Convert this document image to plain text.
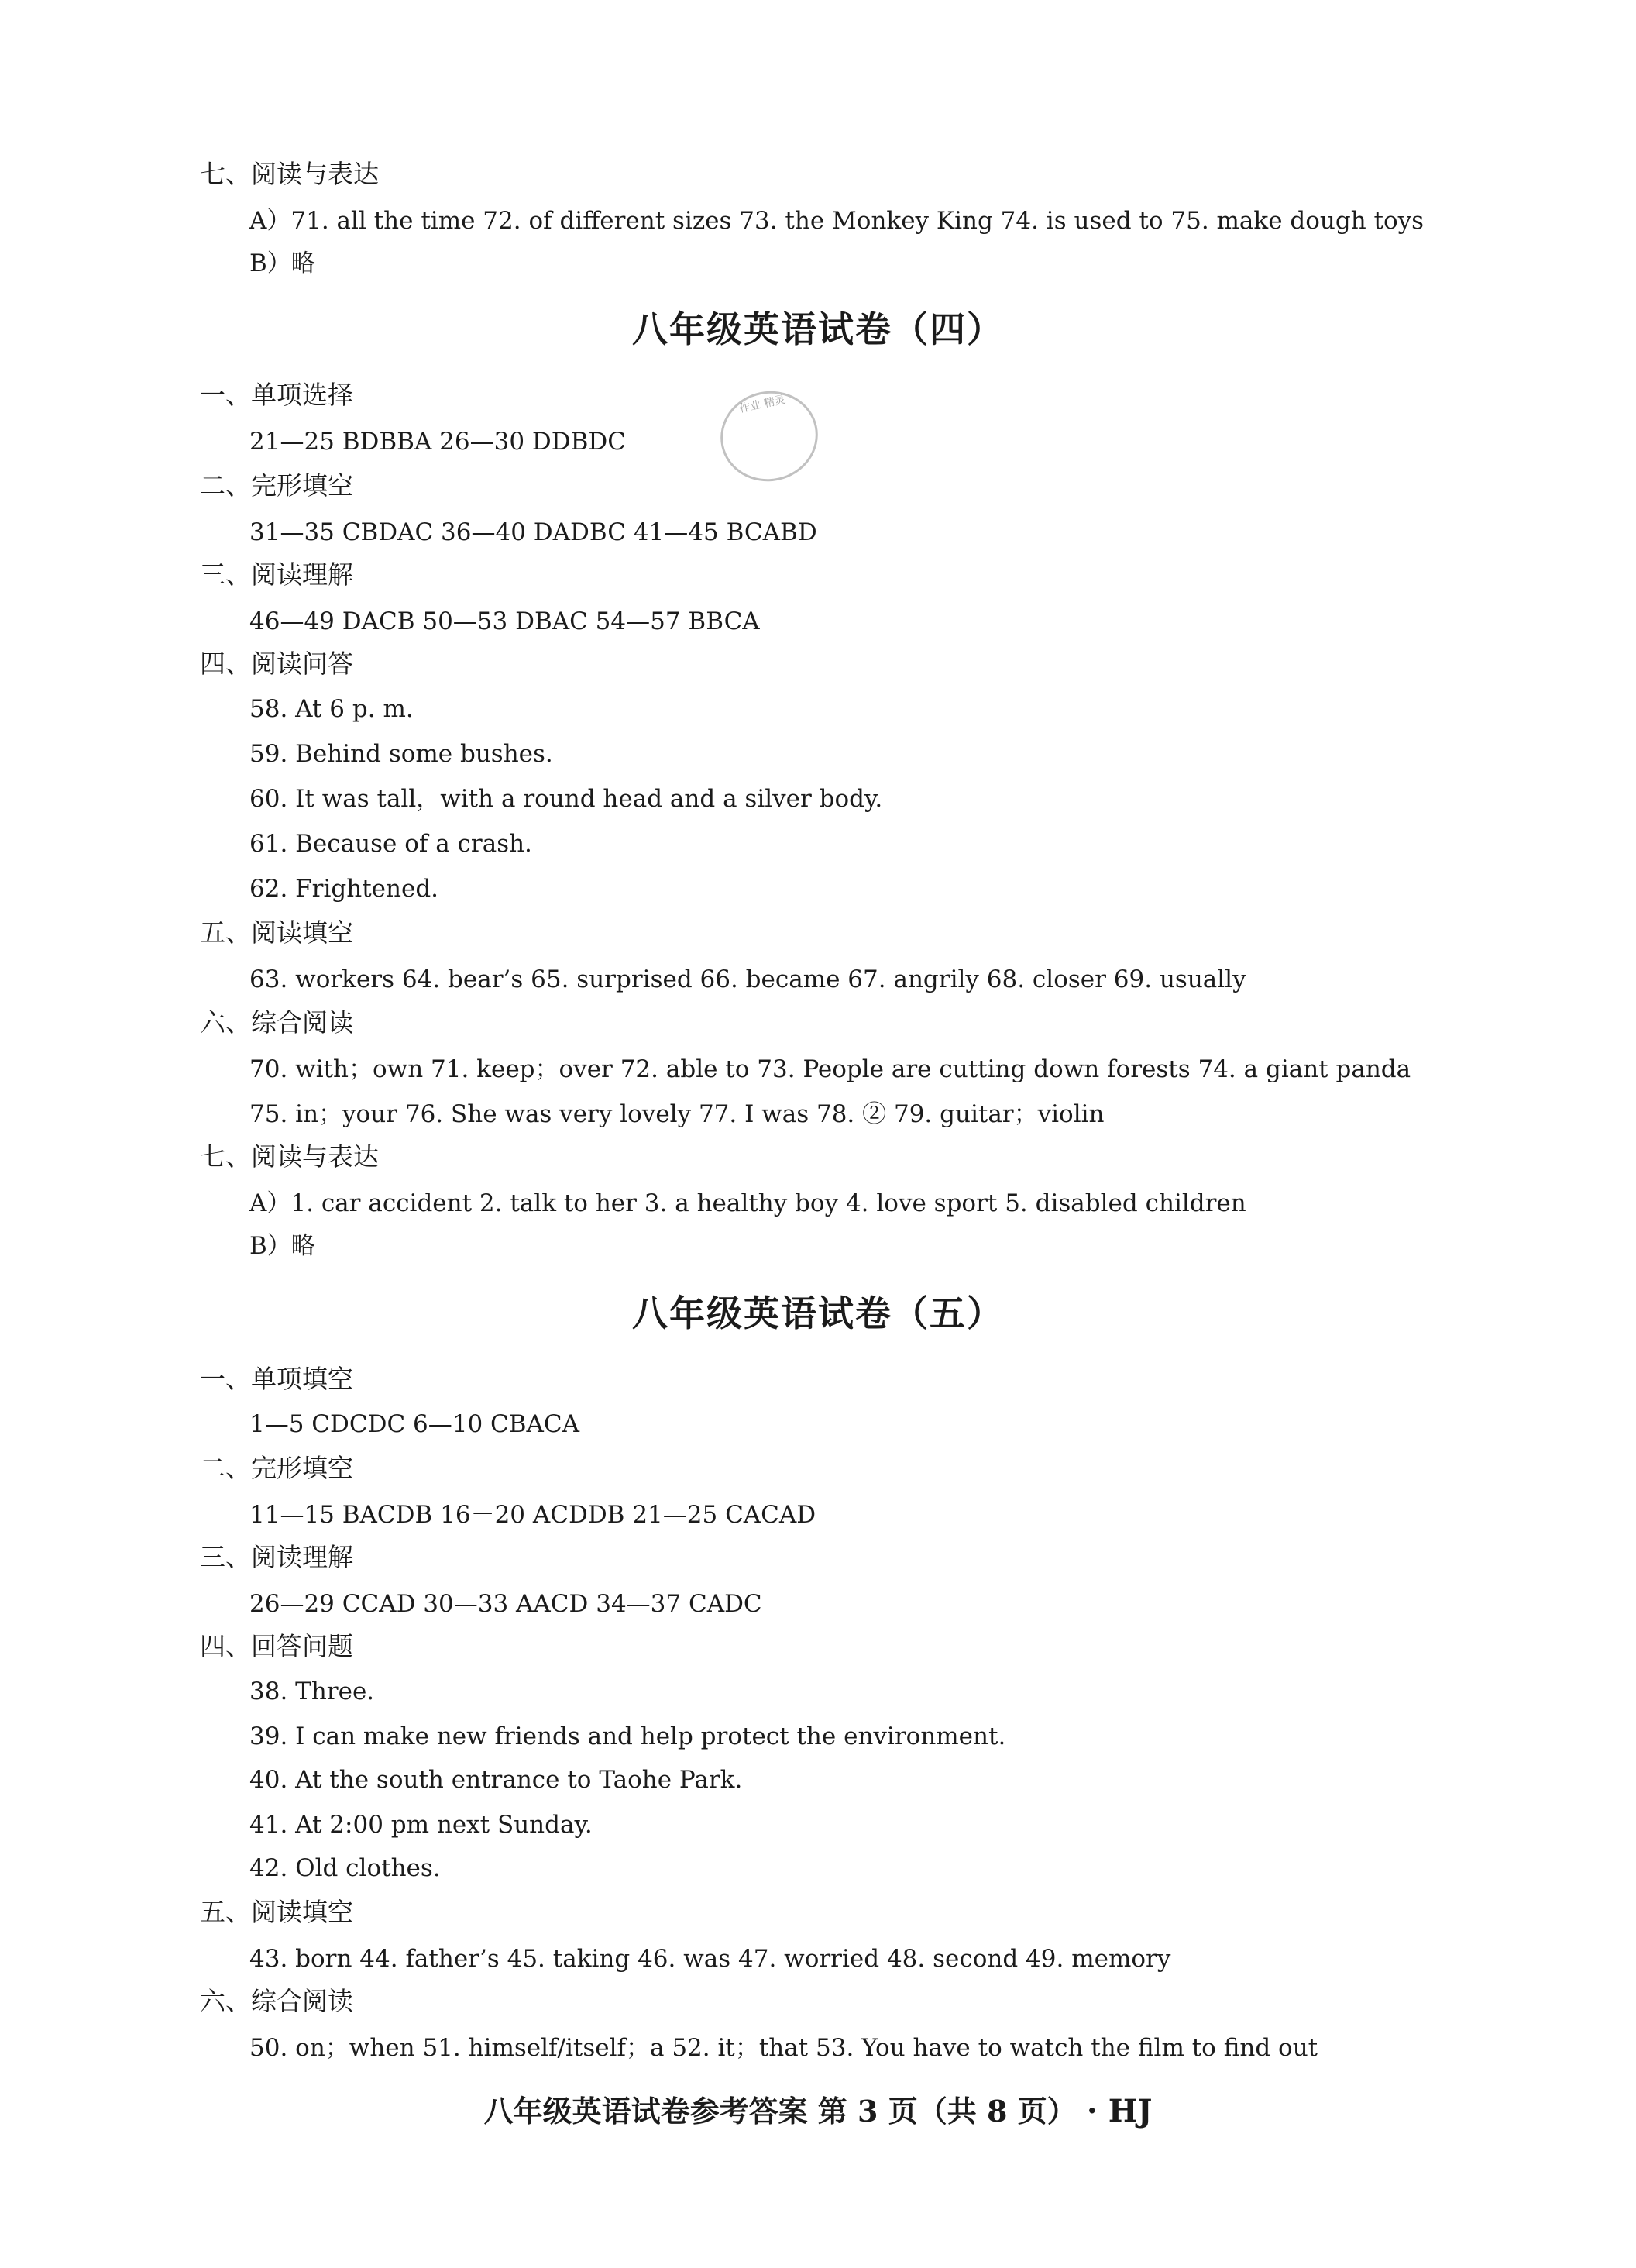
七、阅读与表达
A）71. all the time 72. of different sizes 73. the Monkey King 74. is used to 75. make dough toys
B）略
八年级英语试卷（四）
一、单项选择
21—25 BDBBA 26—30 DDBDC
二、完形填空
31—35 CBDAC 36—40 DADBC 41—45 BCABD
三、阅读理解
46—49 DACB 50—53 DBAC 54—57 BBCA
四、阅读问答
58. At 6 p. m.
59. Behind some bushes.
60. It was tall，with a round head and a silver body.
61. Because of a crash.
62. Frightened.
五、阅读填空
63. workers 64. bear’s 65. surprised 66. became 67. angrily 68. closer 69. usually
六、综合阅读
70. with；own 71. keep；over 72. able to 73. People are cutting down forests 74. a giant panda
75. in；your 76. She was very lovely 77. I was 78. ② 79. guitar；violin
七、阅读与表达
A）1. car accident 2. talk to her 3. a healthy boy 4. love sport 5. disabled children
B）略
八年级英语试卷（五）
一、单项填空
1—5 CDCDC 6—10 CBACA
二、完形填空
11—15 BACDB 16－20 ACDDB 21—25 CACAD
三、阅读理解
26—29 CCAD 30—33 AACD 34—37 CADC
四、回答问题
38. Three.
39. I can make new friends and help protect the environment.
40. At the south entrance to Taohe Park.
41. At 2:00 pm next Sunday.
42. Old clothes.
五、阅读填空
43. born 44. father’s 45. taking 46. was 47. worried 48. second 49. memory
六、综合阅读
50. on；when 51. himself/itself；a 52. it；that 53. You have to watch the film to find out
八年级英语试卷参考答案 第 3 页（共 8 页） · HJ
作业 精灵
